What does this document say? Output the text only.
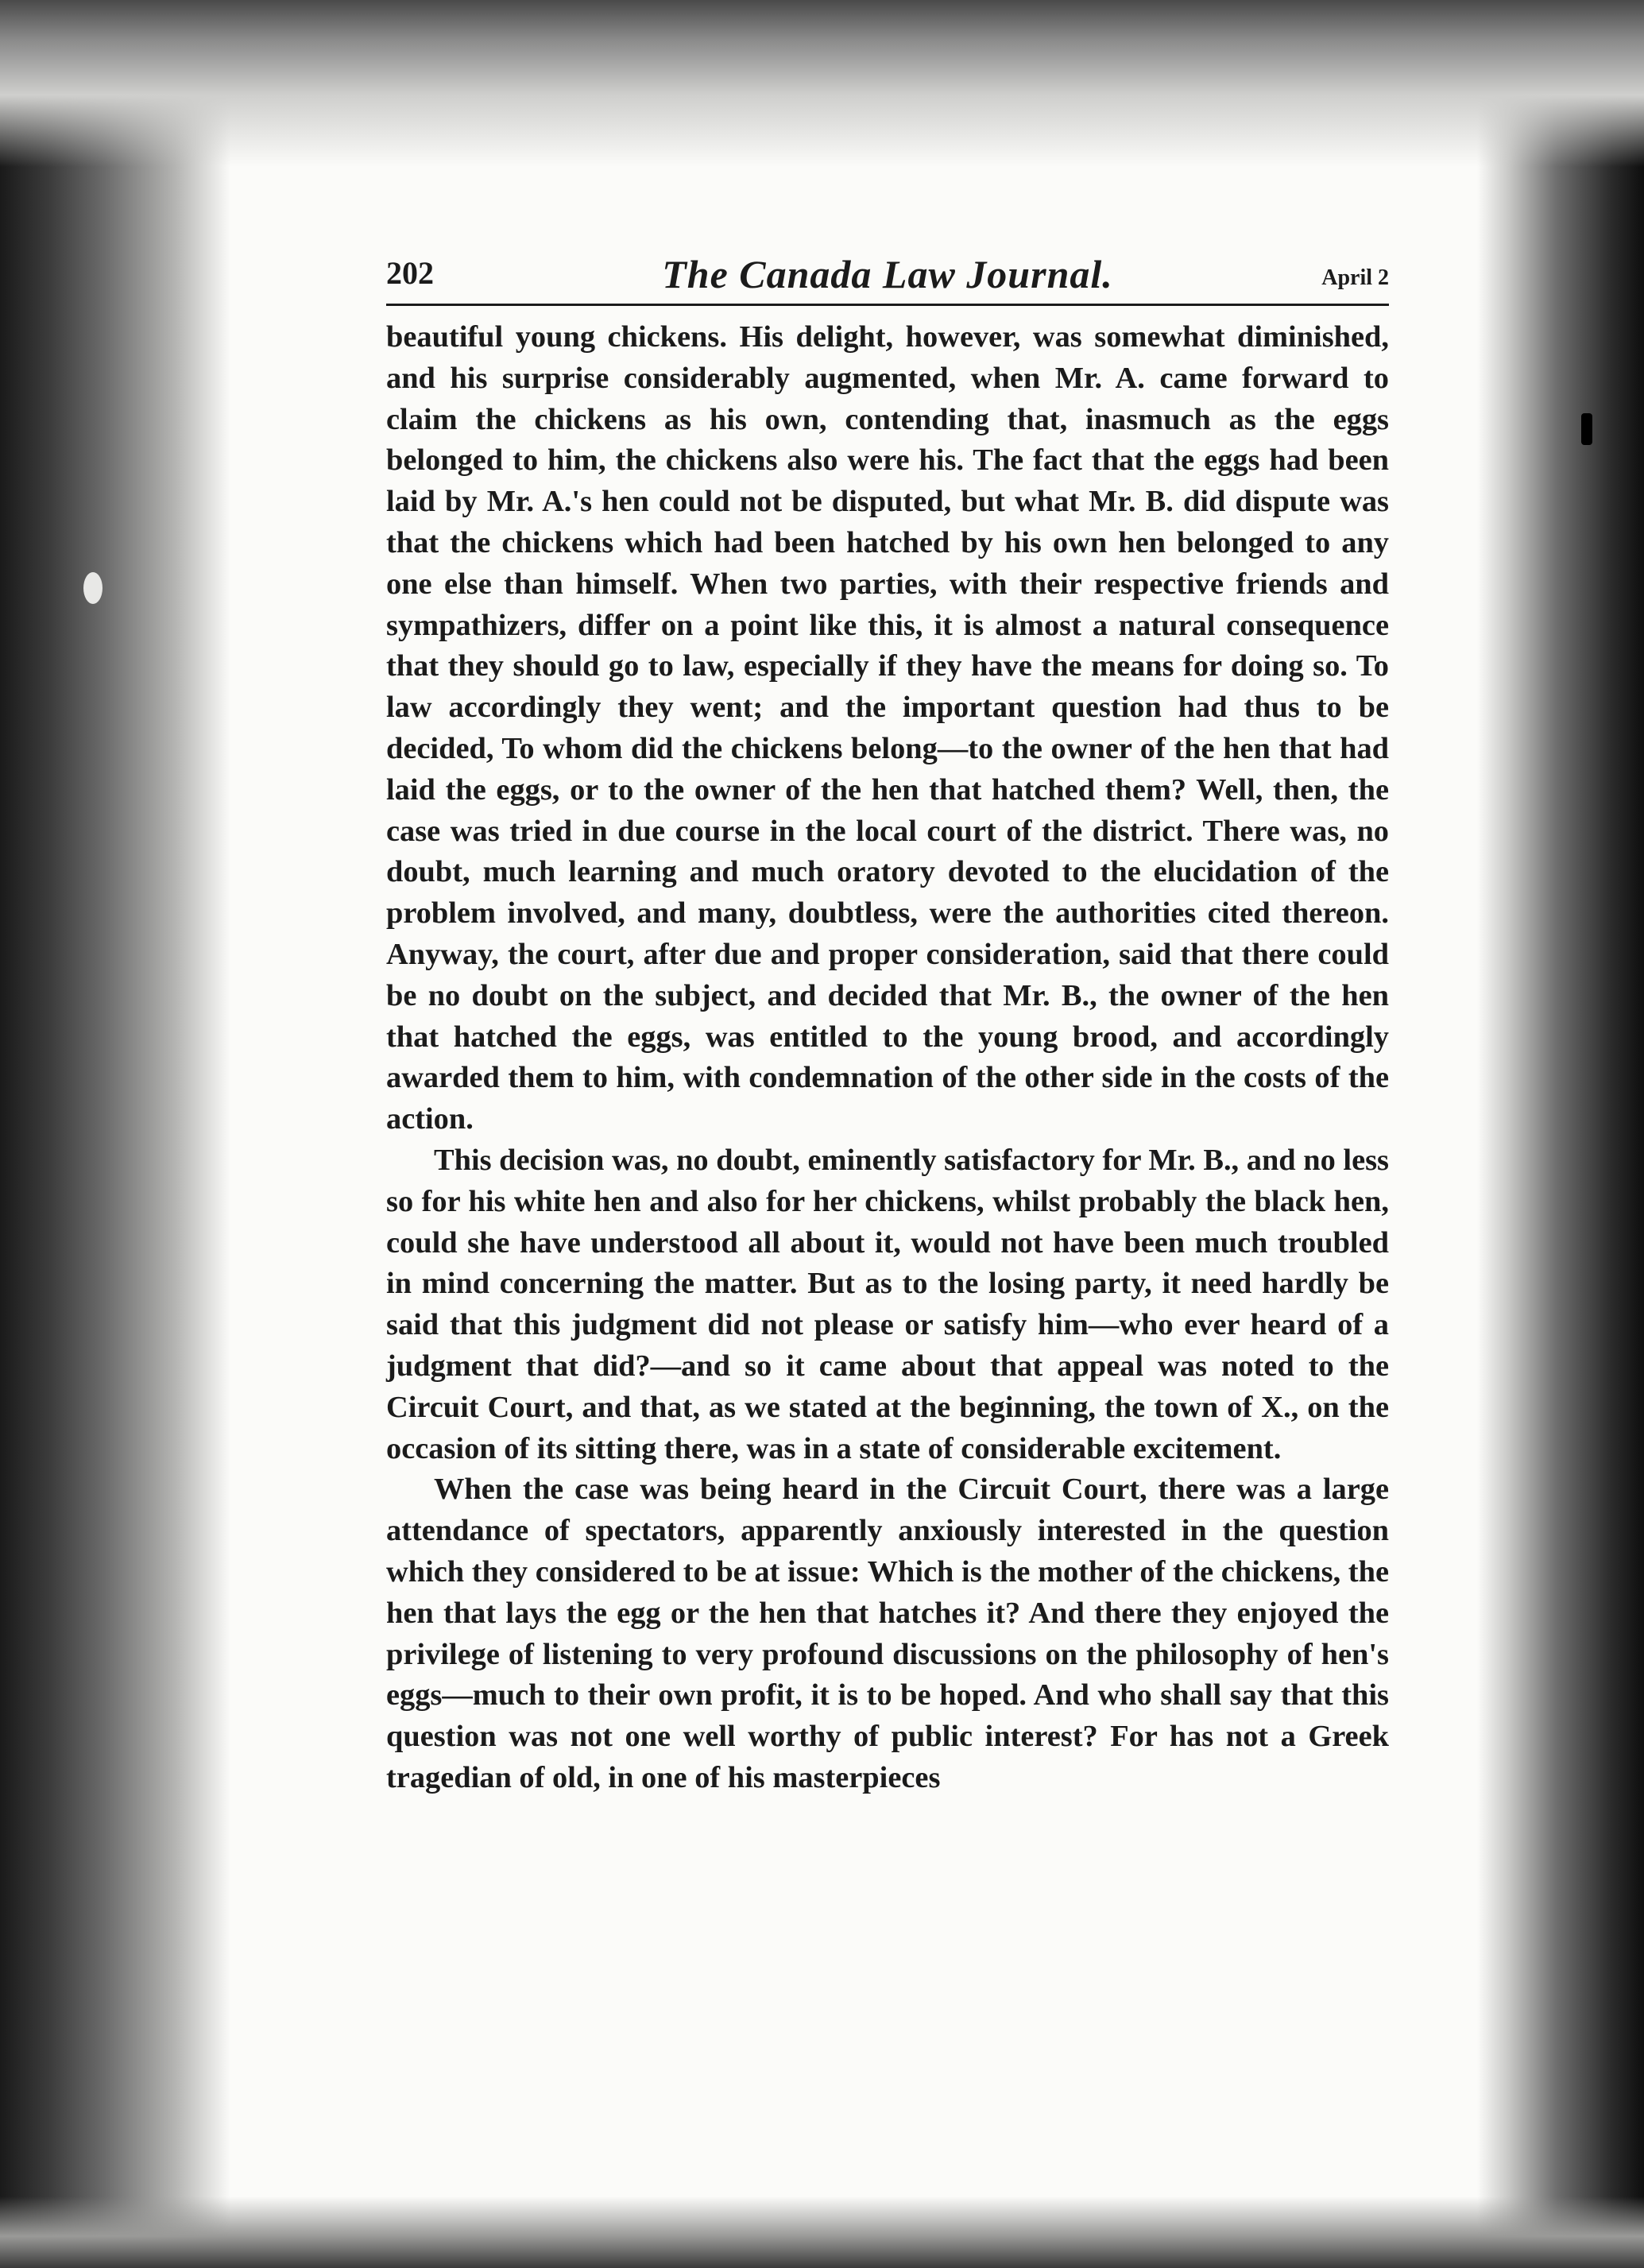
202	The Canada Law Journal.	April 2

beautiful young chickens. His delight, however, was somewhat diminished, and his surprise considerably augmented, when Mr. A. came forward to claim the chickens as his own, contending that, inasmuch as the eggs belonged to him, the chickens also were his. The fact that the eggs had been laid by Mr. A.'s hen could not be disputed, but what Mr. B. did dispute was that the chickens which had been hatched by his own hen belonged to any one else than himself. When two parties, with their respective friends and sympathizers, differ on a point like this, it is almost a natural consequence that they should go to law, especially if they have the means for doing so. To law accordingly they went; and the important question had thus to be decided, To whom did the chickens belong—to the owner of the hen that had laid the eggs, or to the owner of the hen that hatched them? Well, then, the case was tried in due course in the local court of the district. There was, no doubt, much learning and much oratory devoted to the elucidation of the problem involved, and many, doubtless, were the authorities cited thereon. Anyway, the court, after due and proper consideration, said that there could be no doubt on the subject, and decided that Mr. B., the owner of the hen that hatched the eggs, was entitled to the young brood, and accordingly awarded them to him, with condemnation of the other side in the costs of the action.

This decision was, no doubt, eminently satisfactory for Mr. B., and no less so for his white hen and also for her chickens, whilst probably the black hen, could she have understood all about it, would not have been much troubled in mind concerning the matter. But as to the losing party, it need hardly be said that this judgment did not please or satisfy him—who ever heard of a judgment that did?—and so it came about that appeal was noted to the Circuit Court, and that, as we stated at the beginning, the town of X., on the occasion of its sitting there, was in a state of considerable excitement.

When the case was being heard in the Circuit Court, there was a large attendance of spectators, apparently anxiously interested in the question which they considered to be at issue: Which is the mother of the chickens, the hen that lays the egg or the hen that hatches it? And there they enjoyed the privilege of listening to very profound discussions on the philosophy of hen's eggs—much to their own profit, it is to be hoped. And who shall say that this question was not one well worthy of public interest? For has not a Greek tragedian of old, in one of his masterpieces
